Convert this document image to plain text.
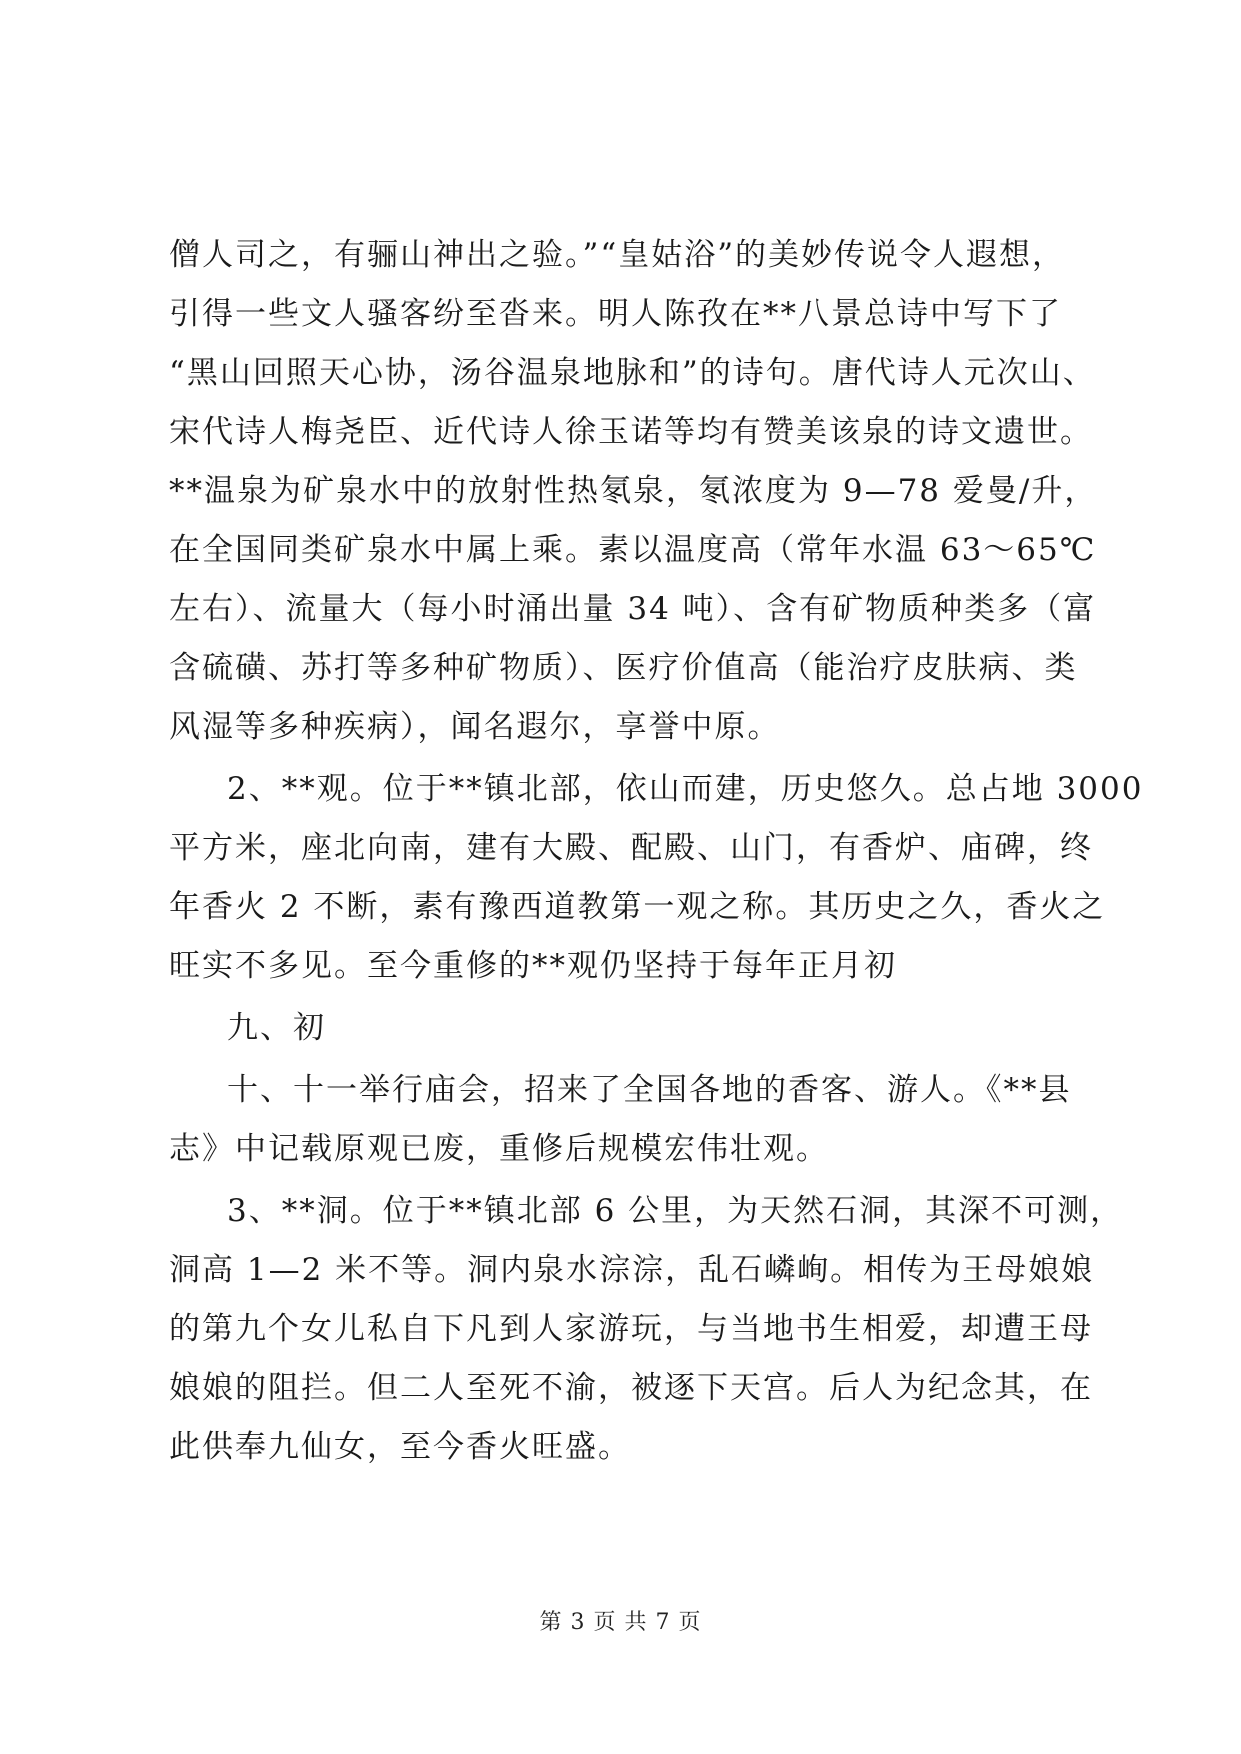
僧人司之，有骊山神出之验。”“皇姑浴”的美妙传说令人遐想，
引得一些文人骚客纷至沓来。明人陈孜在**八景总诗中写下了
“黑山回照天心协，汤谷温泉地脉和”的诗句。唐代诗人元次山、
宋代诗人梅尧臣、近代诗人徐玉诺等均有赞美该泉的诗文遗世。
**温泉为矿泉水中的放射性热氡泉，氡浓度为 9—78 爱曼/升，
在全国同类矿泉水中属上乘。素以温度高（常年水温 63～65℃
左右）、流量大（每小时涌出量 34 吨）、含有矿物质种类多（富
含硫磺、苏打等多种矿物质）、医疗价值高（能治疗皮肤病、类
风湿等多种疾病），闻名遐尔，享誉中原。
2、**观。位于**镇北部，依山而建，历史悠久。总占地 3000
平方米，座北向南，建有大殿、配殿、山门，有香炉、庙碑，终
年香火 2 不断，素有豫西道教第一观之称。其历史之久，香火之
旺实不多见。至今重修的**观仍坚持于每年正月初
九、初
十、十一举行庙会，招来了全国各地的香客、游人。《**县
志》中记载原观已废，重修后规模宏伟壮观。
3、**洞。位于**镇北部 6 公里，为天然石洞，其深不可测，
洞高 1—2 米不等。洞内泉水淙淙，乱石嶙峋。相传为王母娘娘
的第九个女儿私自下凡到人家游玩，与当地书生相爱，却遭王母
娘娘的阻拦。但二人至死不渝，被逐下天宫。后人为纪念其，在
此供奉九仙女，至今香火旺盛。
第 3 页 共 7 页
